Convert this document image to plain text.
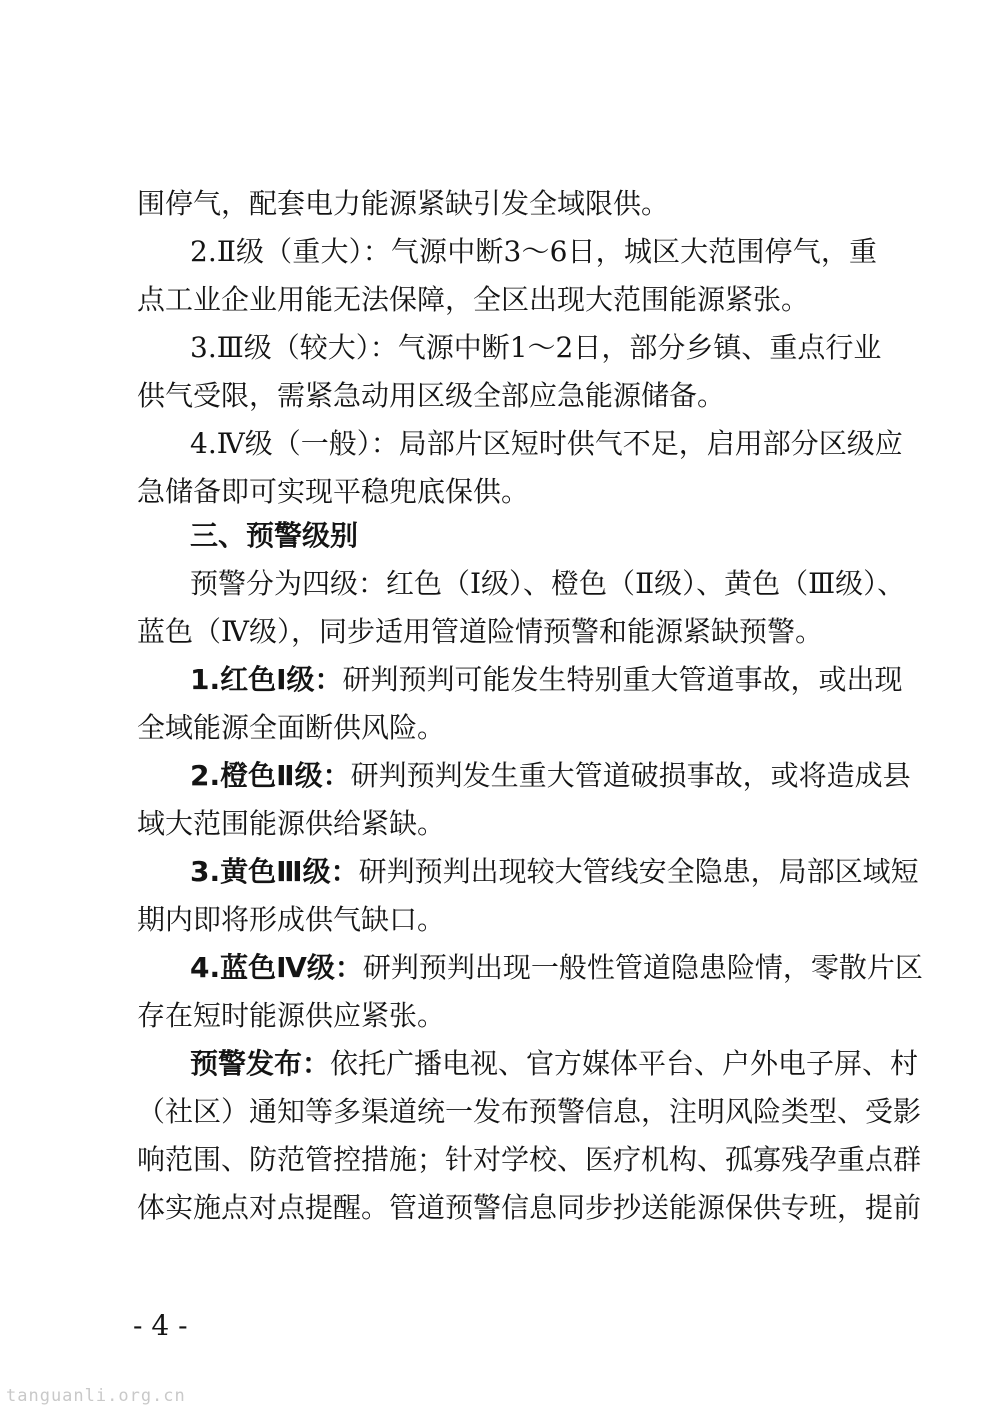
围停气，配套电力能源紧缺引发全域限供。
2.Ⅱ级（重大）：气源中断3～6日，城区大范围停气，重
点工业企业用能无法保障，全区出现大范围能源紧张。
3.Ⅲ级（较大）：气源中断1～2日，部分乡镇、重点行业
供气受限，需紧急动用区级全部应急能源储备。
4.Ⅳ级（一般）：局部片区短时供气不足，启用部分区级应
急储备即可实现平稳兜底保供。
三、预警级别
预警分为四级：红色（Ⅰ级）、橙色（Ⅱ级）、黄色（Ⅲ级）、
蓝色（Ⅳ级），同步适用管道险情预警和能源紧缺预警。
1.红色Ⅰ级：研判预判可能发生特别重大管道事故，或出现
全域能源全面断供风险。
2.橙色Ⅱ级：研判预判发生重大管道破损事故，或将造成县
域大范围能源供给紧缺。
3.黄色Ⅲ级：研判预判出现较大管线安全隐患，局部区域短
期内即将形成供气缺口。
4.蓝色Ⅳ级：研判预判出现一般性管道隐患险情，零散片区
存在短时能源供应紧张。
预警发布：依托广播电视、官方媒体平台、户外电子屏、村
（社区）通知等多渠道统一发布预警信息，注明风险类型、受影
响范围、防范管控措施；针对学校、医疗机构、孤寡残孕重点群
体实施点对点提醒。管道预警信息同步抄送能源保供专班，提前
- 4 -
tanguanli.org.cn
